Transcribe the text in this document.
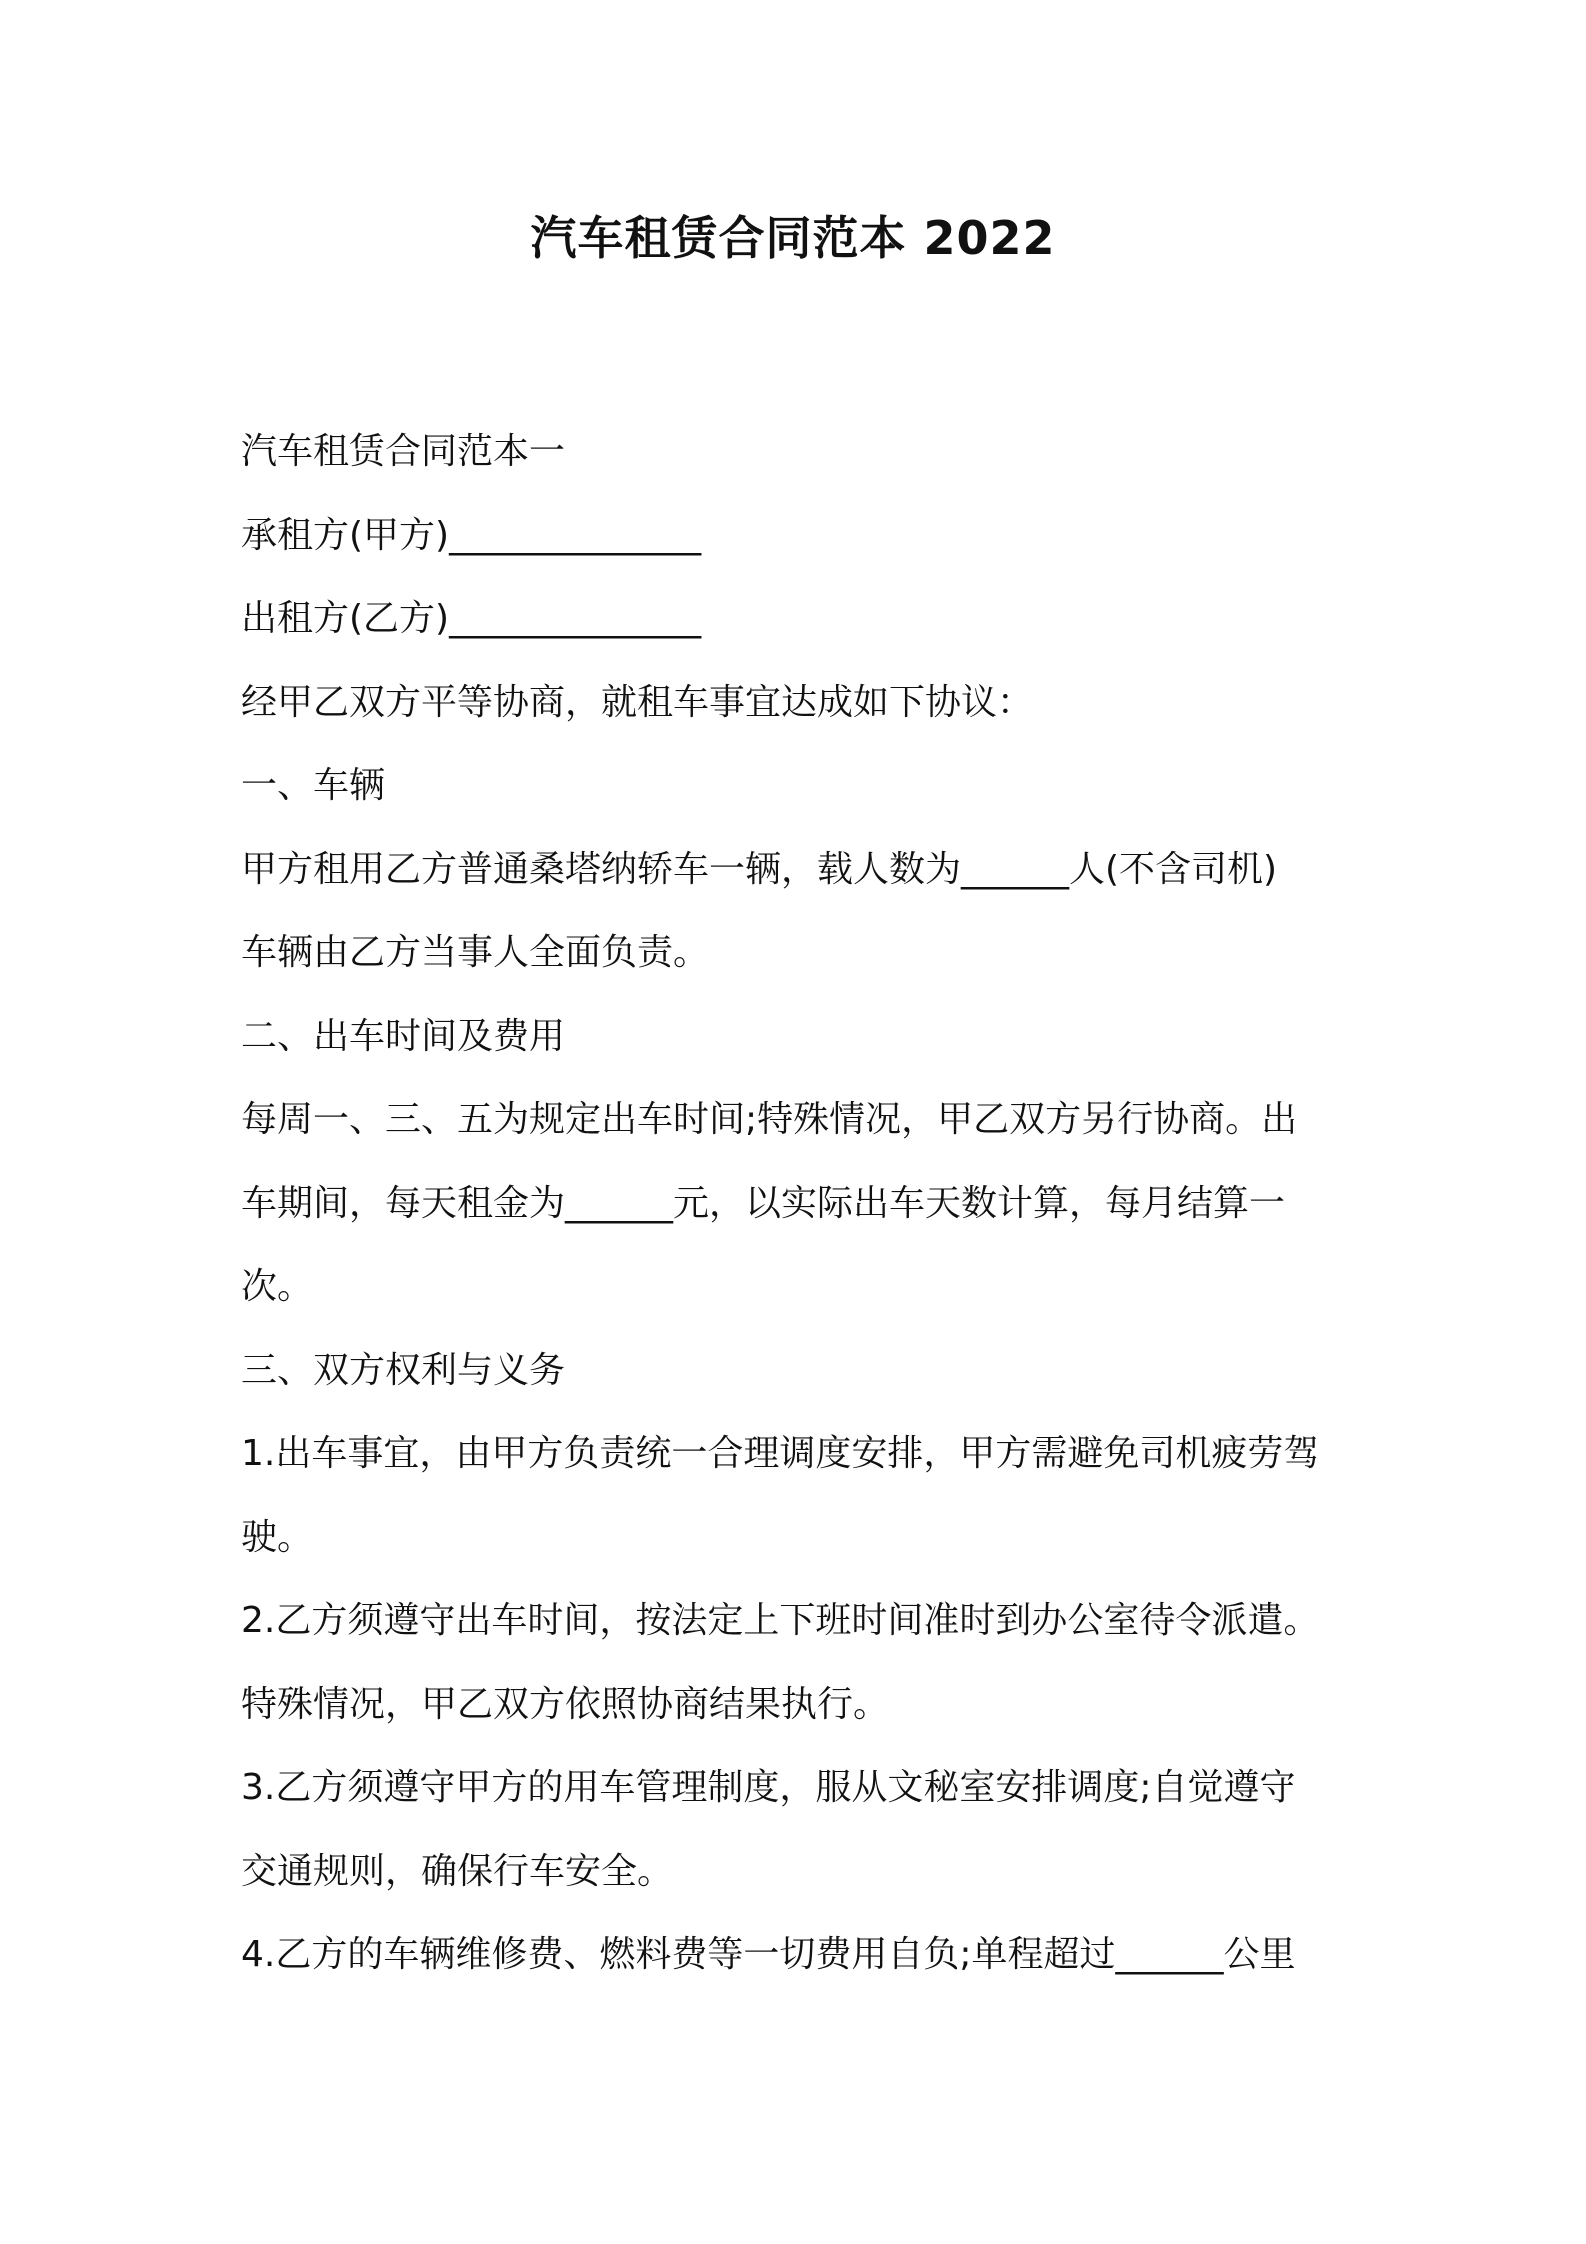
汽车租赁合同范本 2022
汽车租赁合同范本一
承租方(甲方)______________
出租方(乙方)______________
经甲乙双方平等协商，就租车事宜达成如下协议：
一、车辆
甲方租用乙方普通桑塔纳轿车一辆，载人数为______人(不含司机)
车辆由乙方当事人全面负责。
二、出车时间及费用
每周一、三、五为规定出车时间;特殊情况，甲乙双方另行协商。出
车期间，每天租金为______元，以实际出车天数计算，每月结算一
次。
三、双方权利与义务
1.出车事宜，由甲方负责统一合理调度安排，甲方需避免司机疲劳驾
驶。
2.乙方须遵守出车时间，按法定上下班时间准时到办公室待令派遣。
特殊情况，甲乙双方依照协商结果执行。
3.乙方须遵守甲方的用车管理制度，服从文秘室安排调度;自觉遵守
交通规则，确保行车安全。
4.乙方的车辆维修费、燃料费等一切费用自负;单程超过______公里
